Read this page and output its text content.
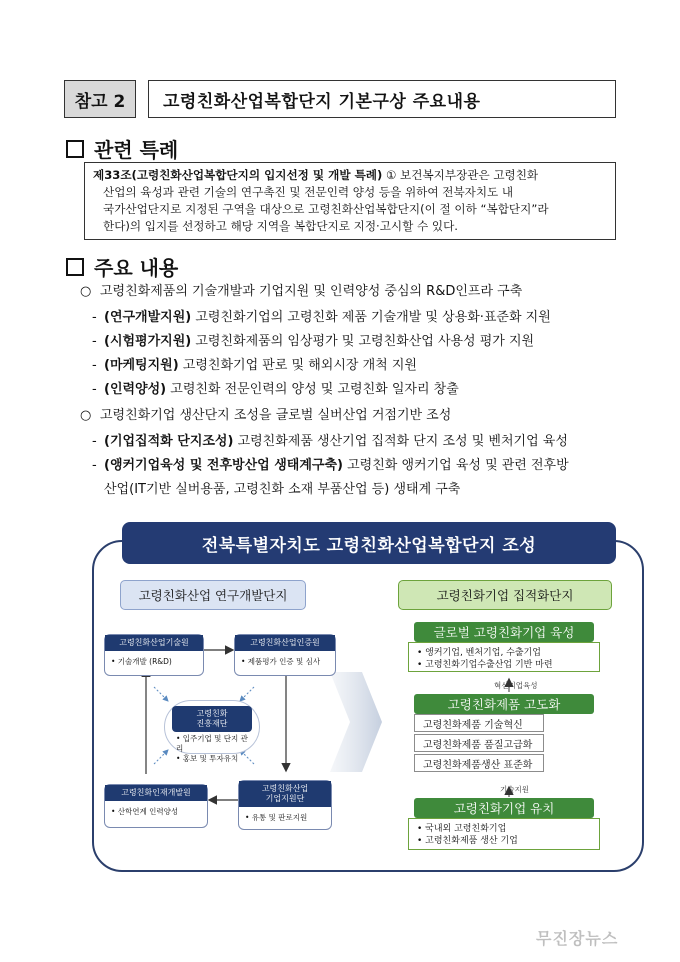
참고 2	고령친화산업복합단지 기본구상 주요내용
관련 특례
제33조(고령친화산업복합단지의 입지선정 및 개발 특례) ① 보건복지부장관은 고령친화
산업의 육성과 관련 기술의 연구촉진 및 전문인력 양성 등을 위하여 전북자치도 내
국가산업단지로 지정된 구역을 대상으로 고령친화산업복합단지(이 절 이하 “복합단지”라
한다)의 입지를 선정하고 해당 지역을 복합단지로 지정·고시할 수 있다.
주요 내용
○ 고령친화제품의 기술개발과 기업지원 및 인력양성 중심의 R&D인프라 구축
- (연구개발지원) 고령친화기업의 고령친화 제품 기술개발 및 상용화·표준화 지원
- (시험평가지원) 고령친화제품의 임상평가 및 고령친화산업 사용성 평가 지원
- (마케팅지원) 고령친화기업 판로 및 해외시장 개척 지원
- (인력양성) 고령친화 전문인력의 양성 및 고령친화 일자리 창출
○ 고령친화기업 생산단지 조성을 글로벌 실버산업 거점기반 조성
- (기업집적화 단지조성) 고령친화제품 생산기업 집적화 단지 조성 및 벤처기업 육성
- (앵커기업육성 및 전후방산업 생태계구축) 고령친화 앵커기업 육성 및 관련 전후방
산업(IT기반 실버용품, 고령친화 소재 부품산업 등) 생태계 구축
전북특별자치도 고령친화산업복합단지 조성
고령친화산업 연구개발단지
고령친화산업기술원
• 기술개발 (R&D)
고령친화산업인증원
• 제품평가 인증 및 심사
고령친화
진흥재단
• 입주기업 및 단지 관리
• 홍보 및 투자유치
고령친화인재개발원
• 산학연계 인력양성
고령친화산업
기업지원단
• 유통 및 판로지원
고령친화기업 집적화단지
글로벌 고령친화기업 육성
• 앵커기업, 벤처기업, 수출기업
• 고령친화기업수출산업 기반 마련
혁신기업육성
고령친화제품 고도화
고령친화제품 기술혁신
고령친화제품 품질고급화
고령친화제품생산 표준화
기술지원
고령친화기업 유치
• 국내외 고령친화기업
• 고령친화제품 생산 기업
무진장뉴스
